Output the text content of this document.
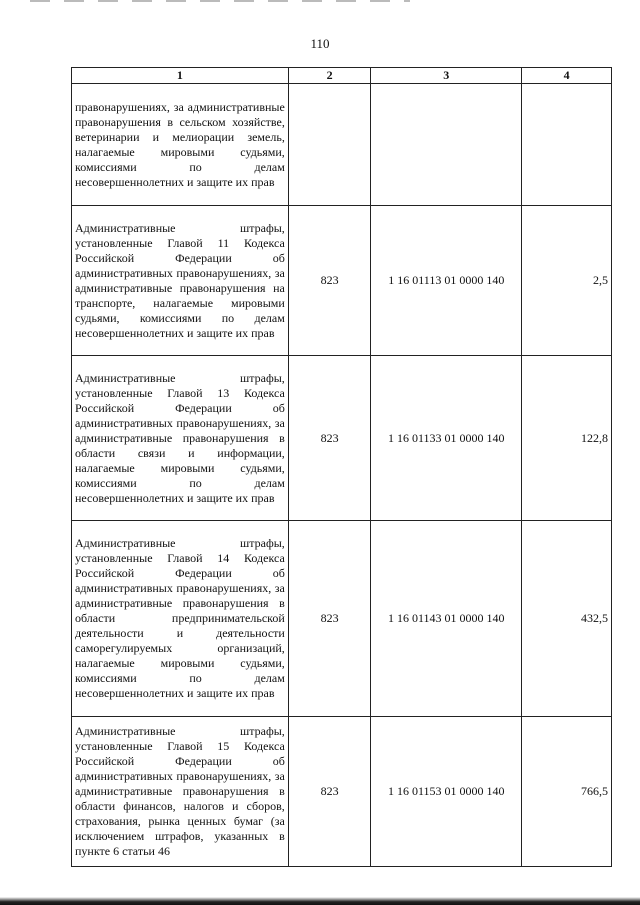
110
1	2	3	4
правонарушениях, за административные правонарушения в сельском хозяйстве, ветеринарии и мелиорации земель, налагаемые мировыми судьями, комиссиями по делам несовершеннолетних и защите их прав			
Административные штрафы, установленные Главой 11 Кодекса Российской Федерации об административных правонарушениях, за административные правонарушения на транспорте, налагаемые мировыми судьями, комиссиями по делам несовершеннолетних и защите их прав	823	1 16 01113 01 0000 140	2,5
Административные штрафы, установленные Главой 13 Кодекса Российской Федерации об административных правонарушениях, за административные правонарушения в области связи и информации, налагаемые мировыми судьями, комиссиями по делам несовершеннолетних и защите их прав	823	1 16 01133 01 0000 140	122,8
Административные штрафы, установленные Главой 14 Кодекса Российской Федерации об административных правонарушениях, за административные правонарушения в области предпринимательской деятельности и деятельности саморегулируемых организаций, налагаемые мировыми судьями, комиссиями по делам несовершеннолетних и защите их прав	823	1 16 01143 01 0000 140	432,5
Административные штрафы, установленные Главой 15 Кодекса Российской Федерации об административных правонарушениях, за административные правонарушения в области финансов, налогов и сборов, страхования, рынка ценных бумаг (за исключением штрафов, указанных в пункте 6 статьи 46	823	1 16 01153 01 0000 140	766,5
